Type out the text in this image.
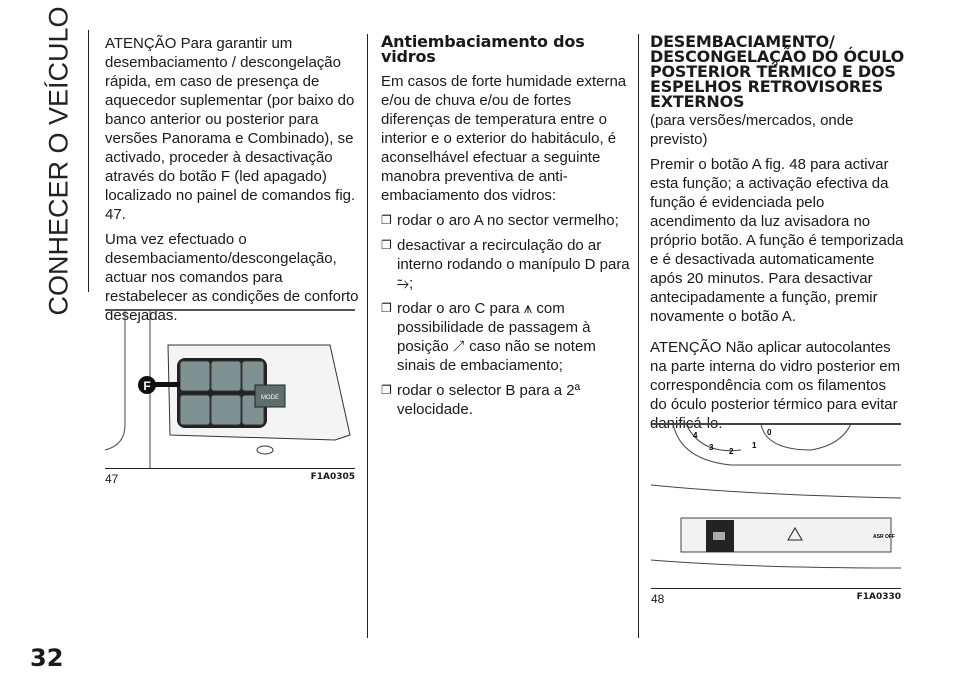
CONHECER O VEÍCULO
32

ATENÇÃO Para garantir um desembaciamento / descongelação rápida, em caso de presença de aquecedor suplementar (por baixo do banco anterior ou posterior para versões Panorama e Combinado), se activado, proceder à desactivação através do botão F (led apagado) localizado no painel de comandos fig. 47.

Uma vez efectuado o desembaciamento/descongelação, actuar nos comandos para restabelecer as condições de conforto desejadas.

MODE
F
47	F1A0305
Antiembaciamento dos vidros

Em casos de forte humidade externa e/ou de chuva e/ou de fortes diferenças de temperatura entre o interior e o exterior do habitáculo, é aconselhável efectuar a seguinte manobra preventiva de anti-embaciamento dos vidros:

❐ rodar o aro A no sector vermelho;
❐ desactivar a recirculação do ar interno rodando o manípulo D para
⥲;
❐ rodar o aro C para ⩚ com possibilidade de passagem à posição ↗ caso não se notem sinais de embaciamento;
❐ rodar o selector B para a 2ª velocidade.
DESEMBACIAMENTO/ DESCONGELAÇÃO DO ÓCULO POSTERIOR TÉRMICO E DOS ESPELHOS RETROVISORES EXTERNOS

(para versões/mercados, onde previsto)

Premir o botão A fig. 48 para activar esta função; a activação efectiva da função é evidenciada pelo acendimento da luz avisadora no próprio botão. A função é temporizada e é desactivada automaticamente após 20 minutos. Para desactivar antecipadamente a função, premir novamente o botão A.

ATENÇÃO Não aplicar autocolantes na parte interna do vidro posterior em correspondência com os filamentos do óculo posterior térmico para evitar danificá-lo.

4
3 2
1
0
ASR OFF
48	F1A0330
